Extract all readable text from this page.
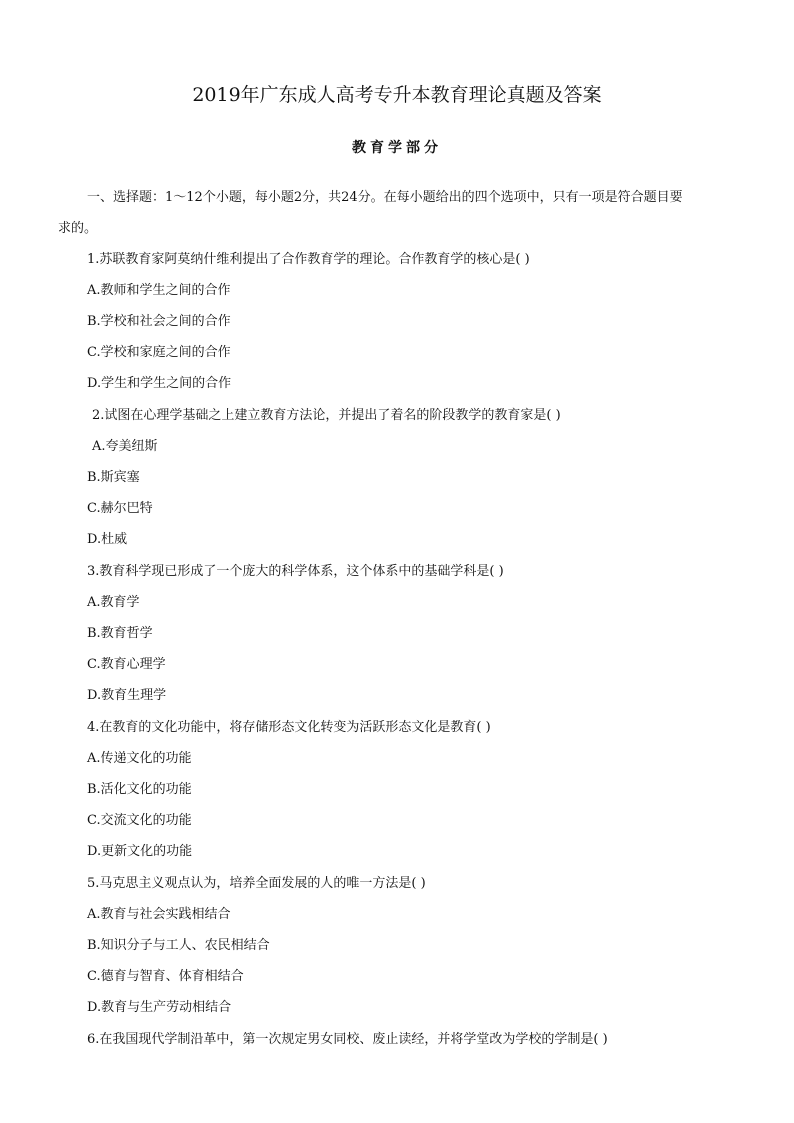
2019年广东成人高考专升本教育理论真题及答案
教育学部分
一、选择题：1～12个小题，每小题2分，共24分。在每小题给出的四个选项中，只有一项是符合题目要
求的。
1.苏联教育家阿莫纳什维利提出了合作教育学的理论。合作教育学的核心是( )
A.教师和学生之间的合作
B.学校和社会之间的合作
C.学校和家庭之间的合作
D.学生和学生之间的合作
2.试图在心理学基础之上建立教育方法论，并提出了着名的阶段教学的教育家是( )
A.夸美纽斯
B.斯宾塞
C.赫尔巴特
D.杜威
3.教育科学现已形成了一个庞大的科学体系，这个体系中的基础学科是( )
A.教育学
B.教育哲学
C.教育心理学
D.教育生理学
4.在教育的文化功能中，将存储形态文化转变为活跃形态文化是教育( )
A.传递文化的功能
B.活化文化的功能
C.交流文化的功能
D.更新文化的功能
5.马克思主义观点认为，培养全面发展的人的唯一方法是( )
A.教育与社会实践相结合
B.知识分子与工人、农民相结合
C.德育与智育、体育相结合
D.教育与生产劳动相结合
6.在我国现代学制沿革中，第一次规定男女同校、废止读经，并将学堂改为学校的学制是( )
